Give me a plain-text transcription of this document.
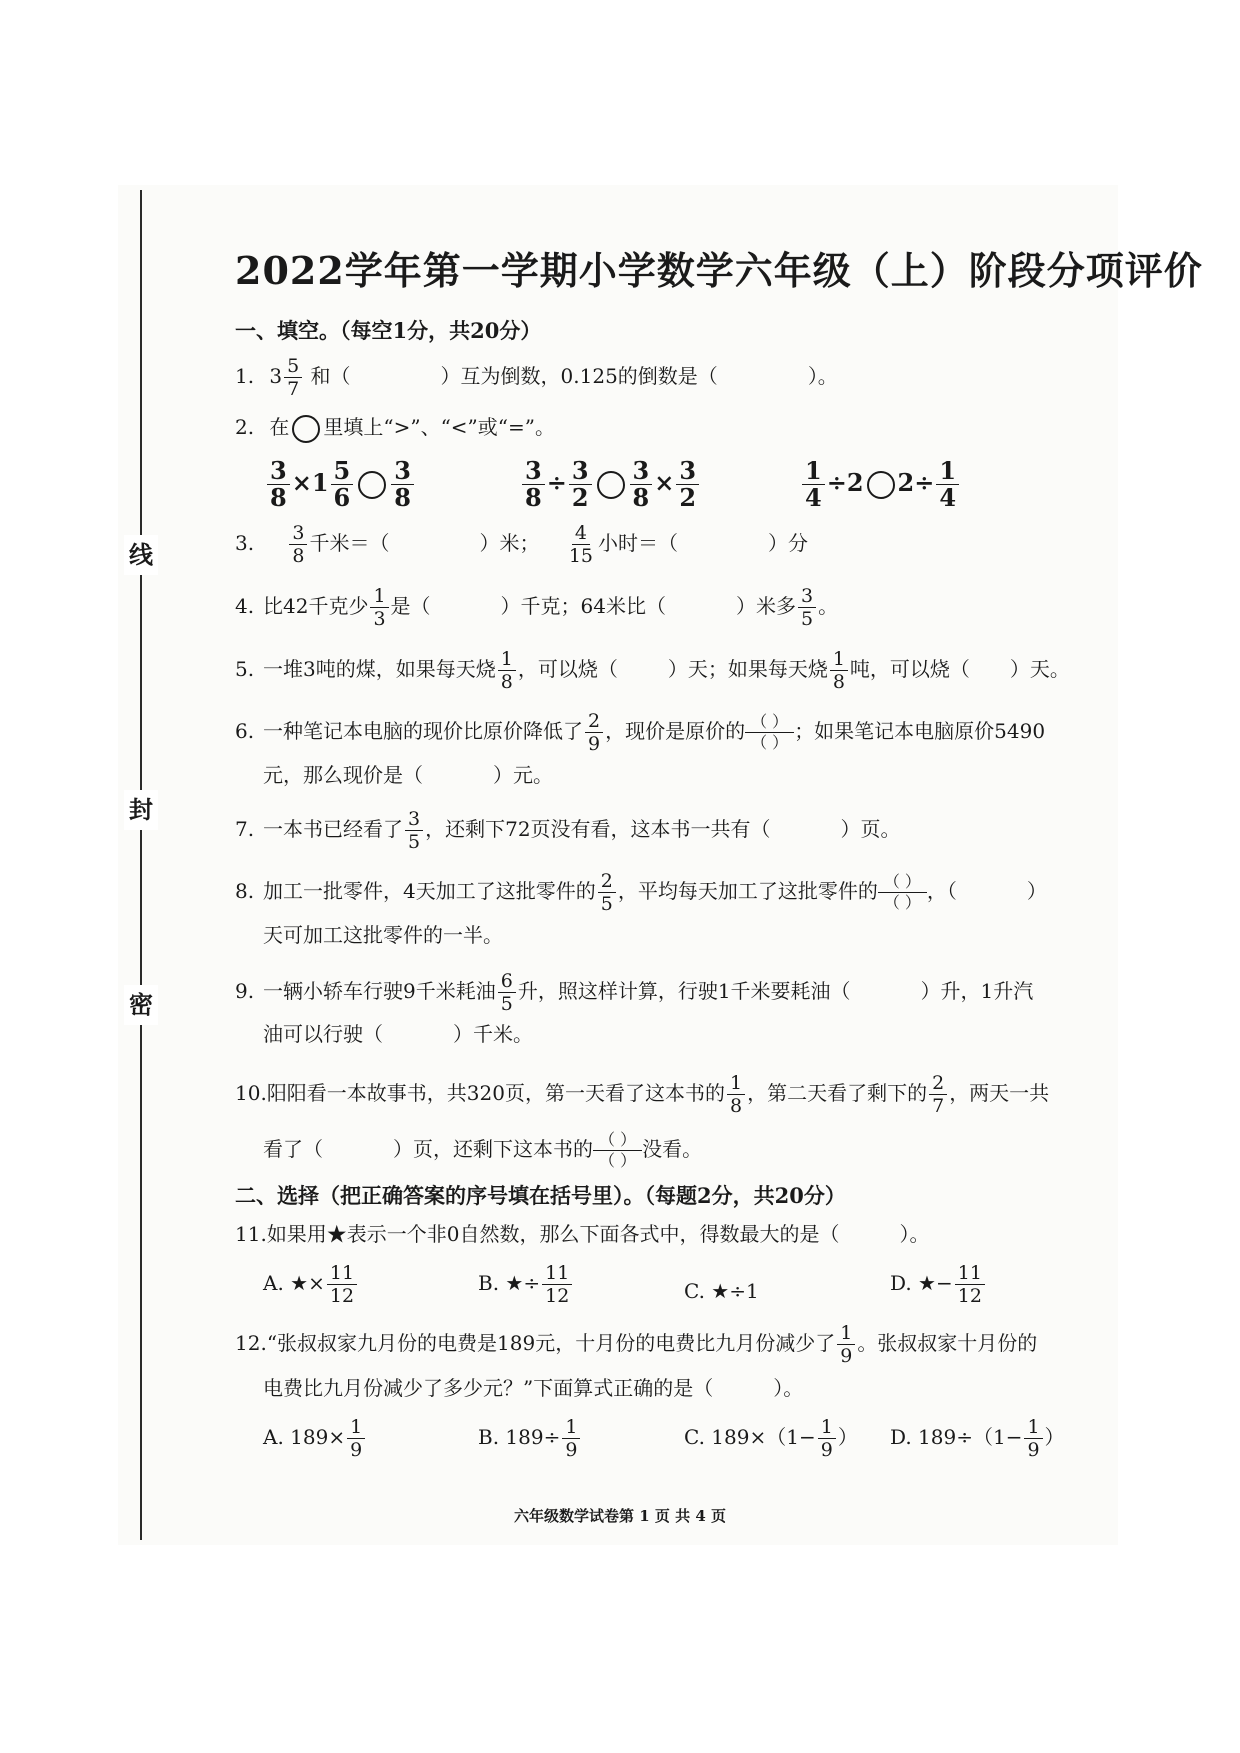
线
封
密
2022学年第一学期小学数学六年级（上）阶段分项评价
一、填空。（每空1分，共20分）
1. $3 \frac{5}{7}$ 和（	）互为倒数，0.125的倒数是（	）。
2. 在 里填上“>”、“<”或“=”。
$\frac{3}{8} \times 1 \frac{5}{6} \frac{3}{8}$	$\frac{3}{8} \div \frac{3}{2} \frac{3}{8} \times \frac{3}{2}$	$\frac{1}{4} \div 2$ $2\div \frac{1}{4}$
3. $\frac{3}{8}$ 千米＝（	）米； $\frac{4}{15}$ 小时＝（	）分
4. 比42千克少 $\frac{1}{3}$ 是（	）千克；64米比（	）米多 $\frac{3}{5}$ 。
5. 一堆3吨的煤，如果每天烧 $\frac{1}{8}$ ，可以烧（	）天；如果每天烧 $\frac{1}{8}$ 吨，可以烧（ ）天。
6. 一种笔记本电脑的现价比原价降低了 $\frac{2}{9}$ ，现价是原价的 $\frac{( )}{( )}$ ；如果笔记本电脑原价5490
元，那么现价是（	）元。
7. 一本书已经看了 $\frac{3}{5}$ ，还剩下72页没有看，这本书一共有（	）页。
8. 加工一批零件，4天加工了这批零件的 $\frac{2}{5}$ ，平均每天加工了这批零件的 $\frac{( )}{( )}$ ，（	）
天可加工这批零件的一半。
9. 一辆小轿车行驶9千米耗油 $\frac{6}{5}$ 升，照这样计算，行驶1千米要耗油（	）升，1升汽
油可以行驶（	）千米。
10.阳阳看一本故事书，共320页，第一天看了这本书的 $\frac{1}{8}$ ，第二天看了剩下的 $\frac{2}{7}$ ，两天一共
看了（	）页，还剩下这本书的 $\frac{( )}{( )}$ 没看。
二、选择（把正确答案的序号填在括号里）。（每题2分，共20分）
11.如果用★表示一个非0自然数，那么下面各式中，得数最大的是（	）。
A. ★× $\frac{11}{12}$	B. ★÷ $\frac{11}{12}$	C. ★÷1	D. ★− $\frac{11}{12}$
12.“张叔叔家九月份的电费是189元，十月份的电费比九月份减少了 $\frac{1}{9}$ 。张叔叔家十月份的
电费比九月份减少了多少元？”下面算式正确的是（	）。
A. $189\times \frac{1}{9}$	B. $189\div \frac{1}{9}$	C. $189\times(1- \frac{1}{9}$ ） D. $189\div(1- \frac{1}{9}$ ）
六年级数学试卷第 1 页 共 4 页
